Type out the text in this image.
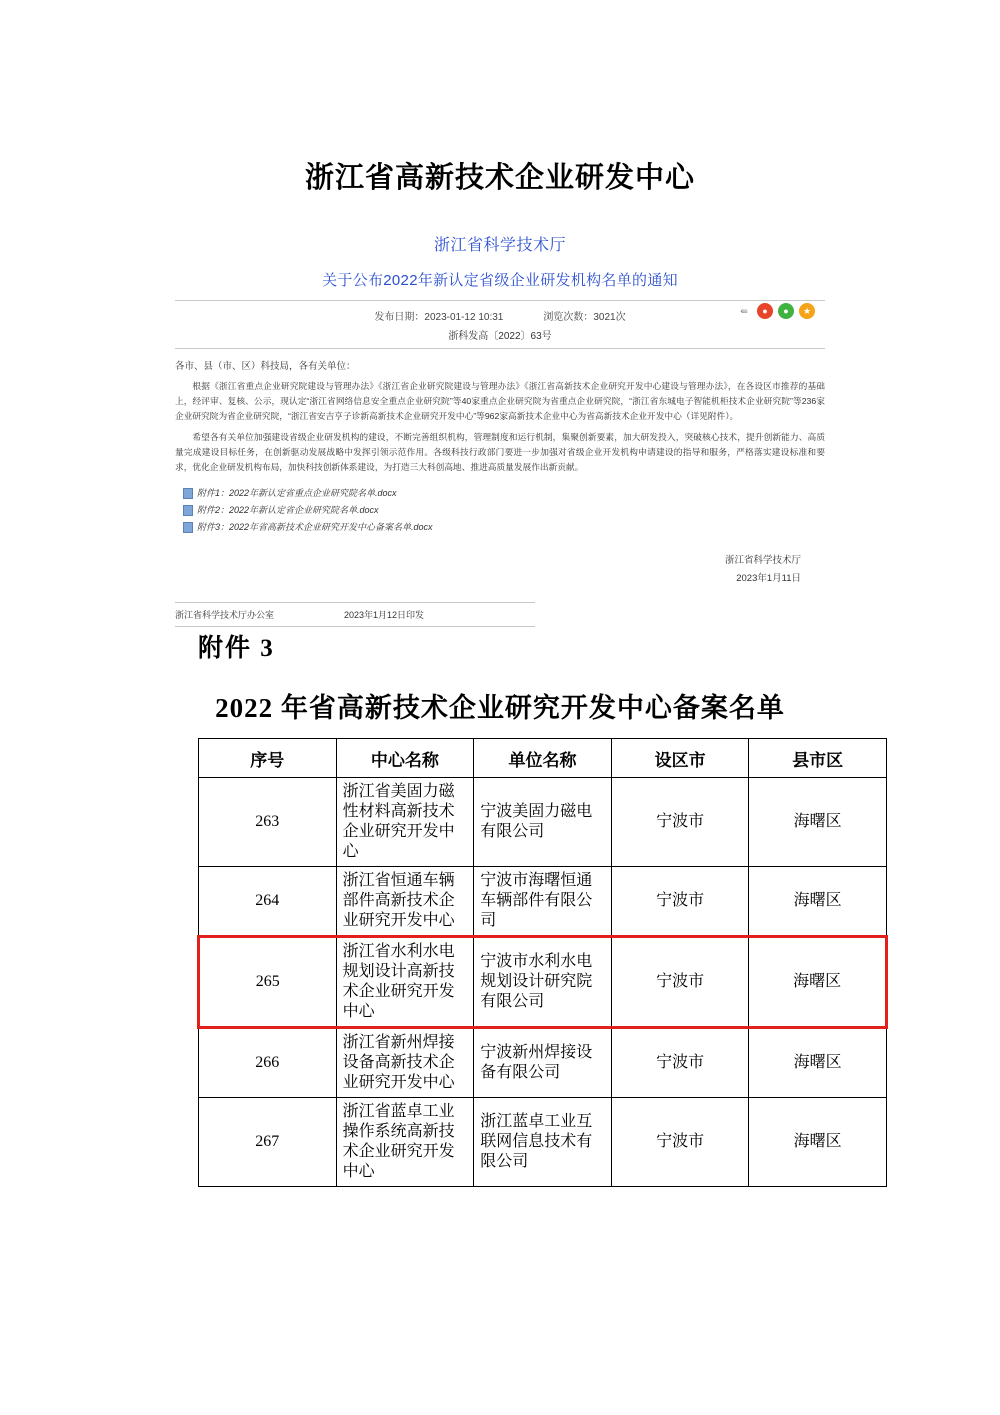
浙江省高新技术企业研发中心
浙江省科学技术厅
关于公布2022年新认定省级企业研发机构名单的通知
发布日期：2023-01-12 10:31	浏览次数：3021次
⇚	●	●	★
浙科发高〔2022〕63号
各市、县（市、区）科技局，各有关单位：
根据《浙江省重点企业研究院建设与管理办法》《浙江省企业研究院建设与管理办法》《浙江省高新技术企业研究开发中心建设与管理办法》，在各设区市推荐的基础上，经评审、复核、公示，现认定“浙江省网络信息安全重点企业研究院”等40家重点企业研究院为省重点企业研究院，“浙江省东城电子智能机柜技术企业研究院”等236家企业研究院为省企业研究院，“浙江省安吉亨子诊新高新技术企业研究开发中心”等962家高新技术企业中心为省高新技术企业开发中心（详见附件）。
希望各有关单位加强建设省级企业研发机构的建设，不断完善组织机构，管理制度和运行机制，集聚创新要素，加大研发投入，突破核心技术，提升创新能力、高质量完成建设目标任务，在创新驱动发展战略中发挥引领示范作用。各级科技行政部门要进一步加强对省级企业开发机构申请建设的指导和服务，严格落实建设标准和要求，优化企业研发机构布局，加快科技创新体系建设，为打造三大科创高地、推进高质量发展作出新贡献。
附件1：2022年新认定省重点企业研究院名单.docx
附件2：2022年新认定省企业研究院名单.docx
附件3：2022年省高新技术企业研究开发中心备案名单.docx
浙江省科学技术厅
2023年1月11日
浙江省科学技术厅办公室	2023年1月12日印发
附件 3
2022 年省高新技术企业研究开发中心备案名单
序号	中心名称	单位名称	设区市	县市区
263	浙江省美固力磁性材料高新技术企业研究开发中心	宁波美固力磁电有限公司	宁波市	海曙区
264	浙江省恒通车辆部件高新技术企业研究开发中心	宁波市海曙恒通车辆部件有限公司	宁波市	海曙区
265	浙江省水利水电规划设计高新技术企业研究开发中心	宁波市水利水电规划设计研究院有限公司	宁波市	海曙区
266	浙江省新州焊接设备高新技术企业研究开发中心	宁波新州焊接设备有限公司	宁波市	海曙区
267	浙江省蓝卓工业操作系统高新技术企业研究开发中心	浙江蓝卓工业互联网信息技术有限公司	宁波市	海曙区
